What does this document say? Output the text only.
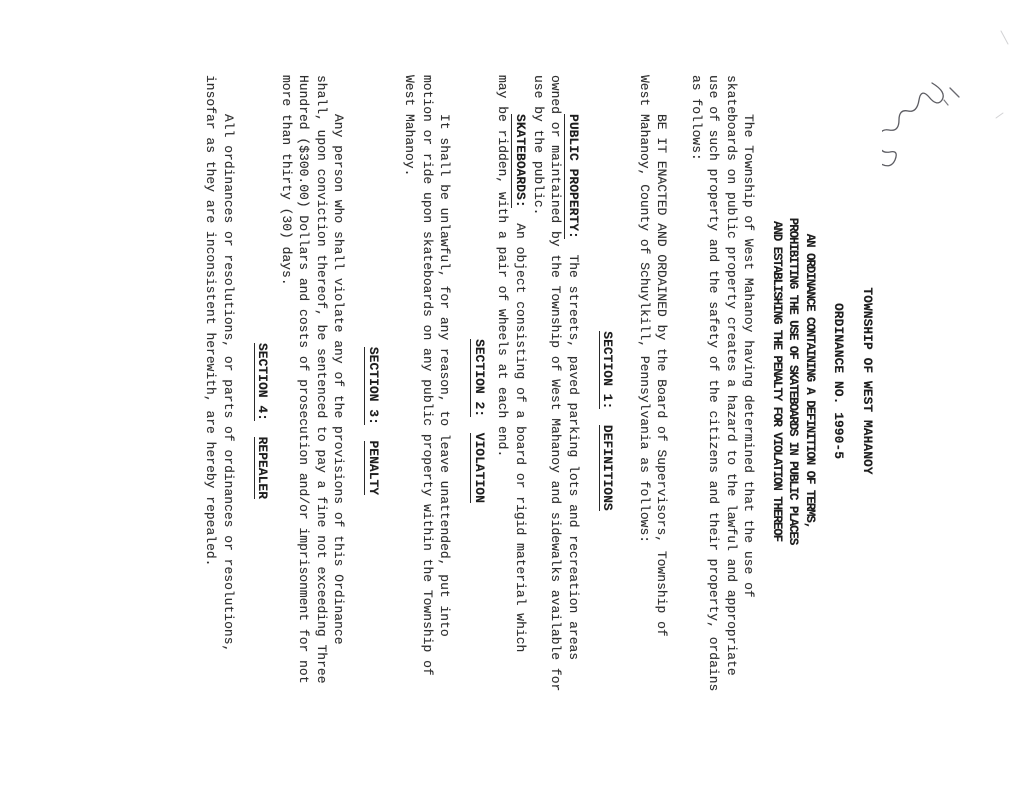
TOWNSHIP OF WEST MAHANOY
ORDINANCE NO. 1990-5
AN ORDINANCE CONTAINING A DEFINITION OF TERMS,
PROHIBITING THE USE OF SKATEBOARDS IN PUBLIC PLACES
AND ESTABLISHING THE PENALTY FOR VIOLATION THEREOF
The Township of West Mahanoy having determined that the use of
skateboards on public property creates a hazard to the lawful and appropriate
use of such property and the safety of the citizens and their property, ordains
as follows:
BE IT ENACTED AND ORDAINED by the Board of Supervisors, Township of
West Mahanoy, County of Schuylkill, Pennsylvania as follows:
SECTION 1:  DEFINITIONS
PUBLIC PROPERTY:  The streets, paved parking lots and recreation areas
owned or maintained by the Township of West Mahanoy and sidewalks available for
use by the public.
SKATEBOARDS:  An object consisting of a board or rigid material which
may be ridden, with a pair of wheels at each end.
SECTION 2:  VIOLATION
It shall be unlawful, for any reason, to leave unattended, put into
motion or ride upon skateboards on any public property within the Township of
West Mahanoy.
SECTION 3:  PENALTY
Any person who shall violate any of the provisions of this Ordinance
shall, upon conviction thereof, be sentenced to pay a fine not exceeding Three
Hundred ($300.00) Dollars and costs of prosecution and/or imprisonment for not
more than thirty (30) days.
SECTION 4:  REPEALER
All ordinances or resolutions, or parts of ordinances or resolutions,
insofar as they are inconsistent herewith, are hereby repealed.
